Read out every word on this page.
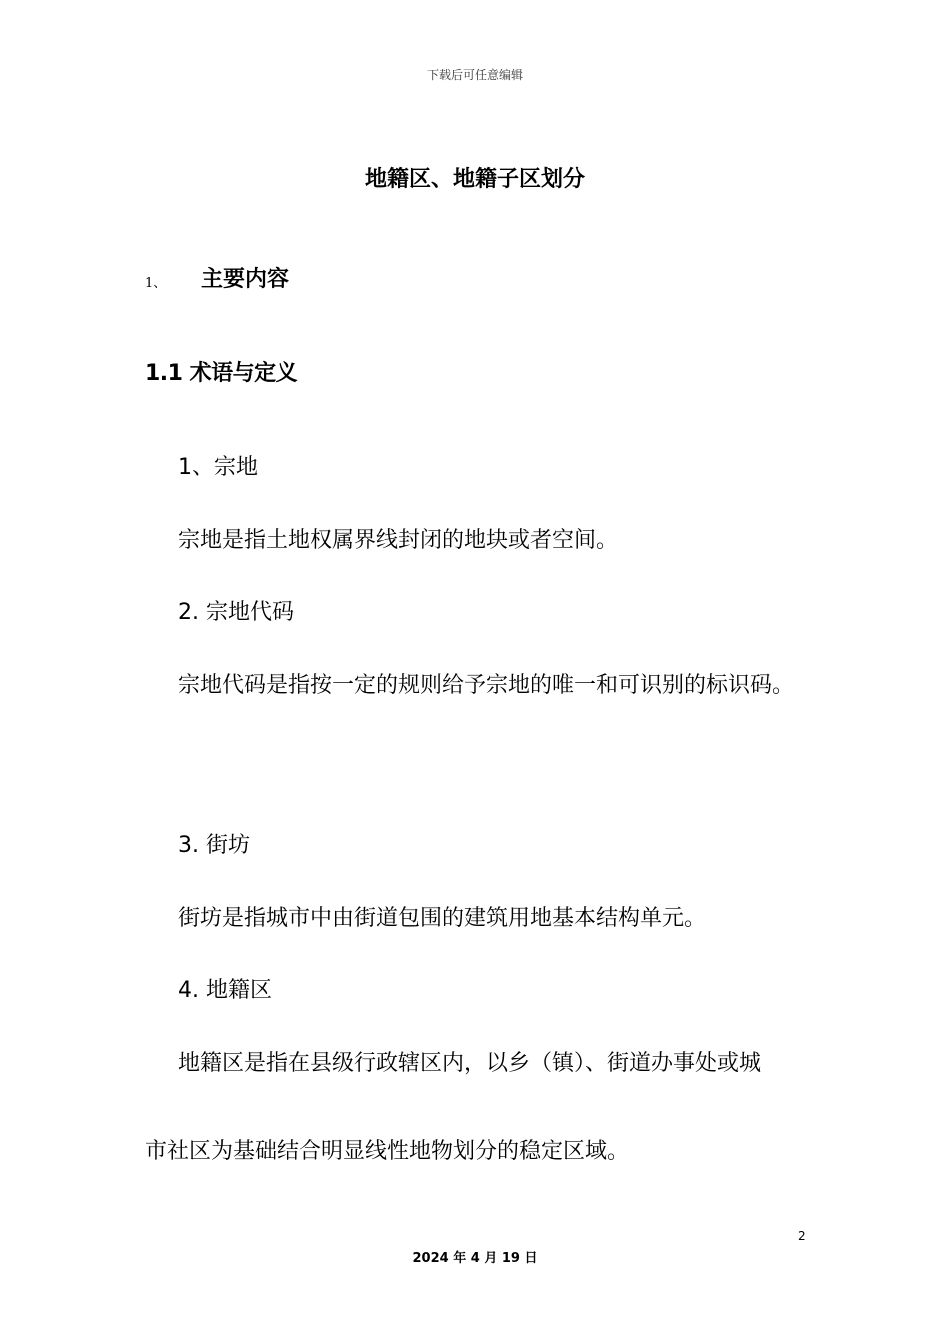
下载后可任意编辑
地籍区、地籍子区划分
1、 主要内容
1.1 术语与定义
1、宗地
宗地是指土地权属界线封闭的地块或者空间。
2. 宗地代码
宗地代码是指按一定的规则给予宗地的唯一和可识别的标识码。
3. 街坊
街坊是指城市中由街道包围的建筑用地基本结构单元。
4. 地籍区
地籍区是指在县级行政辖区内，以乡（镇）、街道办事处或城
市社区为基础结合明显线性地物划分的稳定区域。
2
2024 年 4 月 19 日
